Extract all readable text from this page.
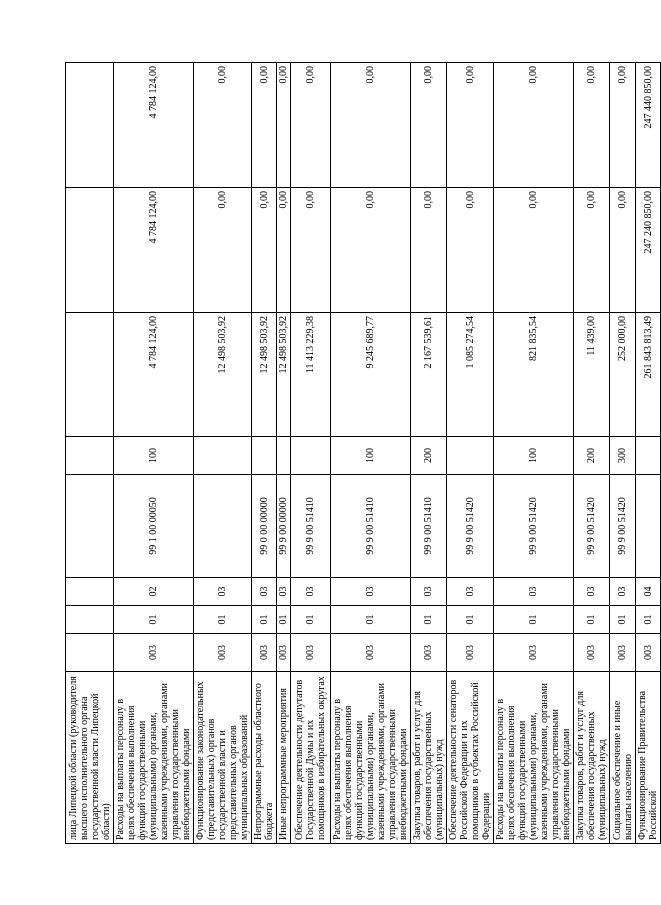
лица Липецкой области (руководителя высшего исполнительного органа государственной власти Липецкой области)								
Расходы на выплаты персоналу в целях обеспечения выполнения функций государственными (муниципальными) органами, казенными учреждениями, органами управления государственными внебюджетными фондами	003	01	02	99 1 00 00050	100	4 784 124,00	4 784 124,00	4 784 124,00
Функционирование законодательных (представительных) органов государственной власти и представительных органов муниципальных образований	003	01	03			12 498 503,92	0,00	0,00
Непрограммные расходы областного бюджета	003	01	03	99 0 00 00000		12 498 503,92	0,00	0,00
Иные непрограммные мероприятия	003	01	03	99 9 00 00000		12 498 503,92	0,00	0,00
Обеспечение деятельности депутатов Государственной Думы и их помощников в избирательных округах	003	01	03	99 9 00 51410		11 413 229,38	0,00	0,00
Расходы на выплаты персоналу в целях обеспечения выполнения функций государственными (муниципальными) органами, казенными учреждениями, органами управления государственными внебюджетными фондами	003	01	03	99 9 00 51410	100	9 245 689,77	0,00	0,00
Закупка товаров, работ и услуг для обеспечения государственных (муниципальных) нужд	003	01	03	99 9 00 51410	200	2 167 539,61	0,00	0,00
Обеспечение деятельности сенаторов Российской Федерации и их помощников в субъектах Российской Федерации	003	01	03	99 9 00 51420		1 085 274,54	0,00	0,00
Расходы на выплаты персоналу в целях обеспечения выполнения функций государственными (муниципальными) органами, казенными учреждениями, органами управления государственными внебюджетными фондами	003	01	03	99 9 00 51420	100	821 835,54	0,00	0,00
Закупка товаров, работ и услуг для обеспечения государственных (муниципальных) нужд	003	01	03	99 9 00 51420	200	11 439,00	0,00	0,00
Социальное обеспечение и иные выплаты населению	003	01	03	99 9 00 51420	300	252 000,00	0,00	0,00
Функционирование Правительства Российской	003	01	04			261 843 813,49	247 240 850,00	247 440 850,00
